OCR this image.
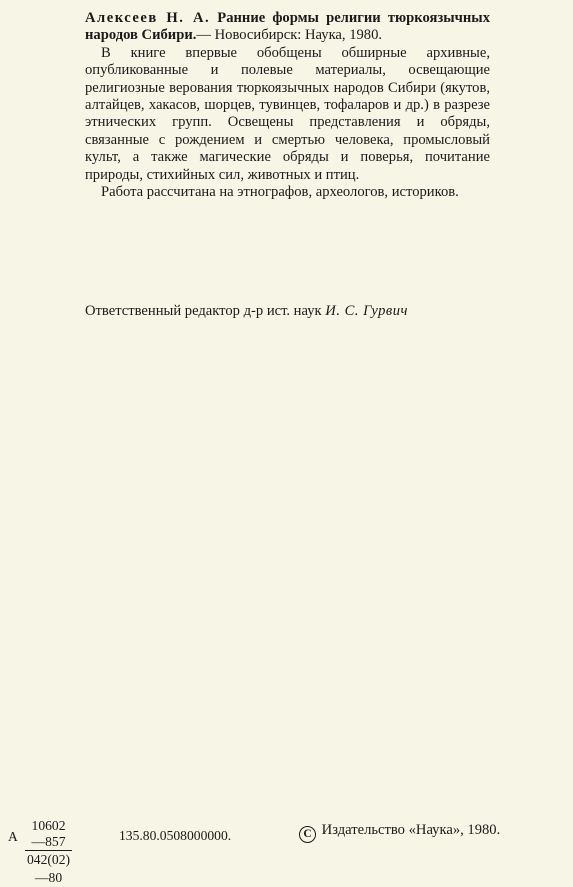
Алексеев Н. А. Ранние формы религии тюркоязычных народов Сибири.— Новосибирск: Наука, 1980.

В книге впервые обобщены обширные архивные, опубликованные и полевые материалы, освещающие религиозные верования тюркоязычных народов Сибири (якутов, алтайцев, хакасов, шорцев, тувинцев, тофаларов и др.) в разрезе этнических групп. Освещены представления и обряды, связанные с рождением и смертью человека, промысловый культ, а также магические обряды и поверья, почитание природы, стихийных сил, животных и птиц.

Работа рассчитана на этнографов, археологов, историков.

Ответственный редактор д-р ист. наук И. С. Гурвич
А $\frac{10602—857}{042(02)—80}$	135.80.0508000000.	C Издательство «Наука», 1980.
